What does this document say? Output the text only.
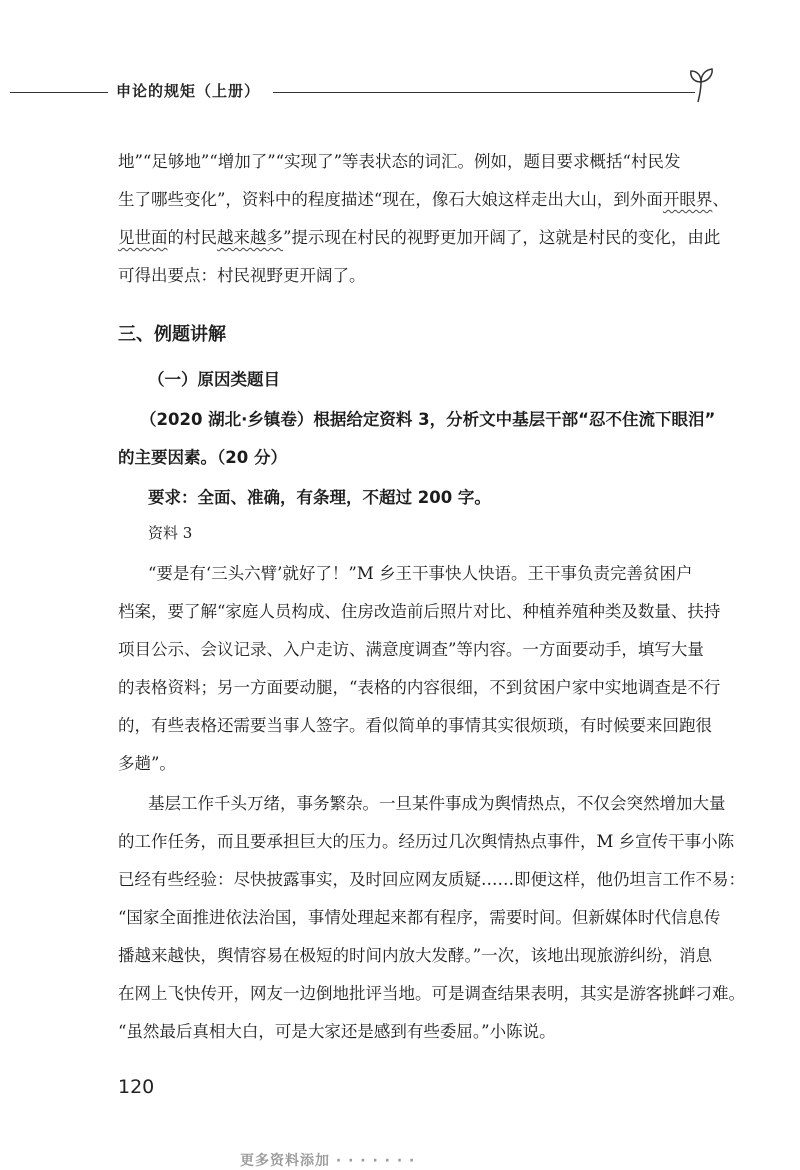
申论的规矩（上册）
地”“足够地”“增加了”“实现了”等表状态的词汇。例如，题目要求概括“村民发
生了哪些变化”，资料中的程度描述“现在，像石大娘这样走出大山，到外面开眼界、
见世面的村民越来越多”提示现在村民的视野更加开阔了，这就是村民的变化，由此
可得出要点：村民视野更开阔了。
三、例题讲解
（一）原因类题目
（2020 湖北·乡镇卷）根据给定资料 3，分析文中基层干部“忍不住流下眼泪”
的主要因素。（20 分）
要求：全面、准确，有条理，不超过 200 字。
资料 3
“要是有‘三头六臂’就好了！”M 乡王干事快人快语。王干事负责完善贫困户
档案，要了解“家庭人员构成、住房改造前后照片对比、种植养殖种类及数量、扶持
项目公示、会议记录、入户走访、满意度调查”等内容。一方面要动手，填写大量
的表格资料；另一方面要动腿，“表格的内容很细，不到贫困户家中实地调查是不行
的，有些表格还需要当事人签字。看似简单的事情其实很烦琐，有时候要来回跑很
多趟”。
基层工作千头万绪，事务繁杂。一旦某件事成为舆情热点，不仅会突然增加大量
的工作任务，而且要承担巨大的压力。经历过几次舆情热点事件，M 乡宣传干事小陈
已经有些经验：尽快披露事实，及时回应网友质疑……即便这样，他仍坦言工作不易：
“国家全面推进依法治国，事情处理起来都有程序，需要时间。但新媒体时代信息传
播越来越快，舆情容易在极短的时间内放大发酵。”一次，该地出现旅游纠纷，消息
在网上飞快传开，网友一边倒地批评当地。可是调查结果表明，其实是游客挑衅刁难。
“虽然最后真相大白，可是大家还是感到有些委屈。”小陈说。
120
更多资料添加 · · · · · · ·
